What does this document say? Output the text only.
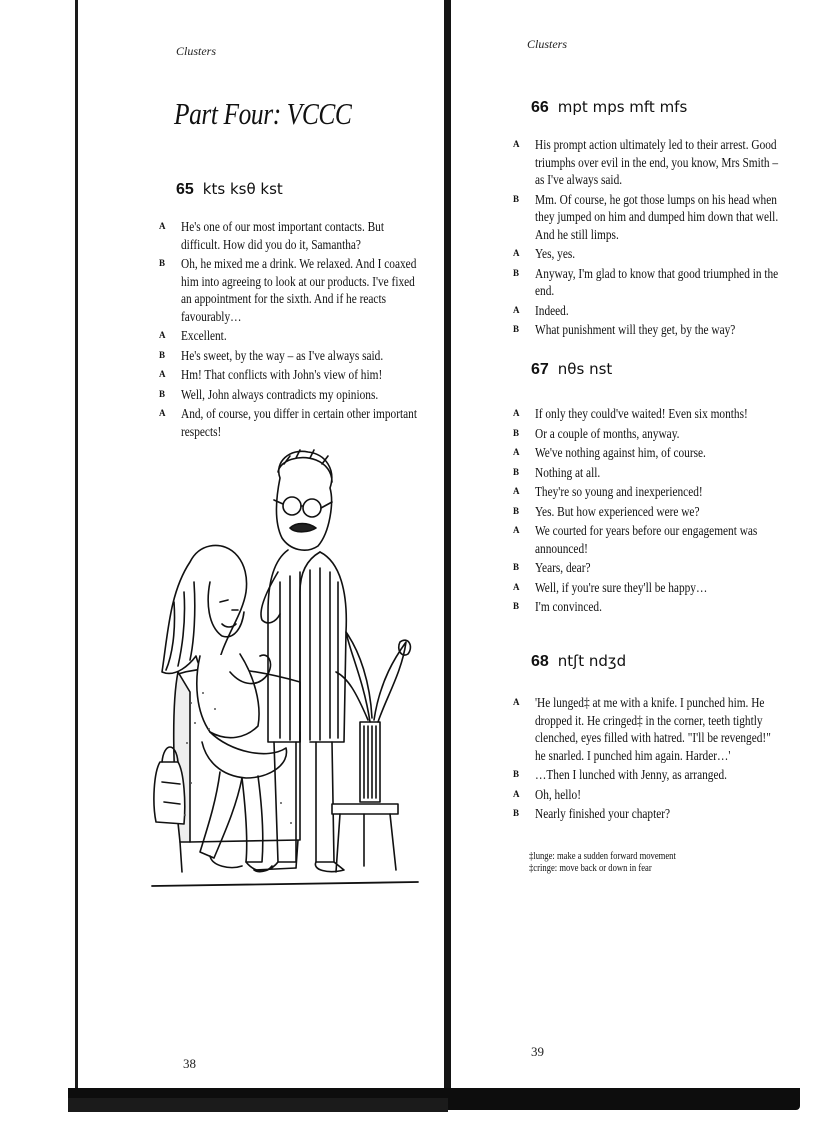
Clusters
Part Four: VCCC
65 kts ksθ kst
A He's one of our most important contacts. But difficult. How did you do it, Samantha?
B Oh, he mixed me a drink. We relaxed. And I coaxed him into agreeing to look at our products. I've fixed an appointment for the sixth. And if he reacts favourably…
A Excellent.
B He's sweet, by the way – as I've always said.
A Hm! That conflicts with John's view of him!
B Well, John always contradicts my opinions.
A And, of course, you differ in certain other important respects!
38
Clusters
66 mpt mps mft mfs
A His prompt action ultimately led to their arrest. Good triumphs over evil in the end, you know, Mrs Smith – as I've always said.
B Mm. Of course, he got those lumps on his head when they jumped on him and dumped him down that well. And he still limps.
A Yes, yes.
B Anyway, I'm glad to know that good triumphed in the end.
A Indeed.
B What punishment will they get, by the way?
67 nθs nst
A If only they could've waited! Even six months!
B Or a couple of months, anyway.
A We've nothing against him, of course.
B Nothing at all.
A They're so young and inexperienced!
B Yes. But how experienced were we?
A We courted for years before our engagement was announced!
B Years, dear?
A Well, if you're sure they'll be happy…
B I'm convinced.
68 ntʃt ndʒd
A 'He lunged‡ at me with a knife. I punched him. He dropped it. He cringed‡ in the corner, teeth tightly clenched, eyes filled with hatred. "I'll be revenged!" he snarled. I punched him again. Harder…'
B …Then I lunched with Jenny, as arranged.
A Oh, hello!
B Nearly finished your chapter?
‡lunge: make a sudden forward movement
‡cringe: move back or down in fear
39
